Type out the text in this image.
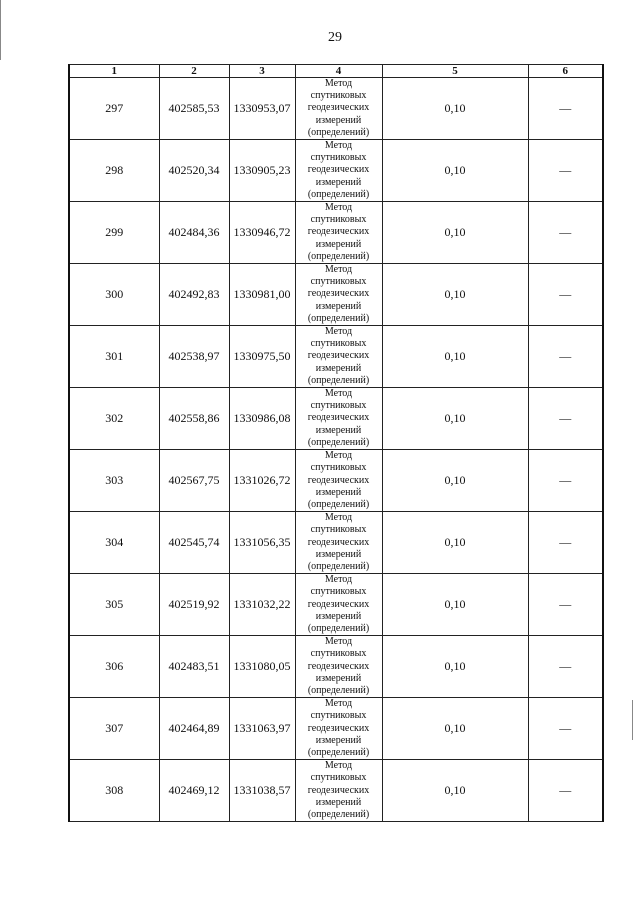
29
1	2	3	4	5	6
297	402585,53	1330953,07	Метод
спутниковых
геодезических
измерений
(определений)	0,10	—
298	402520,34	1330905,23	Метод
спутниковых
геодезических
измерений
(определений)	0,10	—
299	402484,36	1330946,72	Метод
спутниковых
геодезических
измерений
(определений)	0,10	—
300	402492,83	1330981,00	Метод
спутниковых
геодезических
измерений
(определений)	0,10	—
301	402538,97	1330975,50	Метод
спутниковых
геодезических
измерений
(определений)	0,10	—
302	402558,86	1330986,08	Метод
спутниковых
геодезических
измерений
(определений)	0,10	—
303	402567,75	1331026,72	Метод
спутниковых
геодезических
измерений
(определений)	0,10	—
304	402545,74	1331056,35	Метод
спутниковых
геодезических
измерений
(определений)	0,10	—
305	402519,92	1331032,22	Метод
спутниковых
геодезических
измерений
(определений)	0,10	—
306	402483,51	1331080,05	Метод
спутниковых
геодезических
измерений
(определений)	0,10	—
307	402464,89	1331063,97	Метод
спутниковых
геодезических
измерений
(определений)	0,10	—
308	402469,12	1331038,57	Метод
спутниковых
геодезических
измерений
(определений)	0,10	—
